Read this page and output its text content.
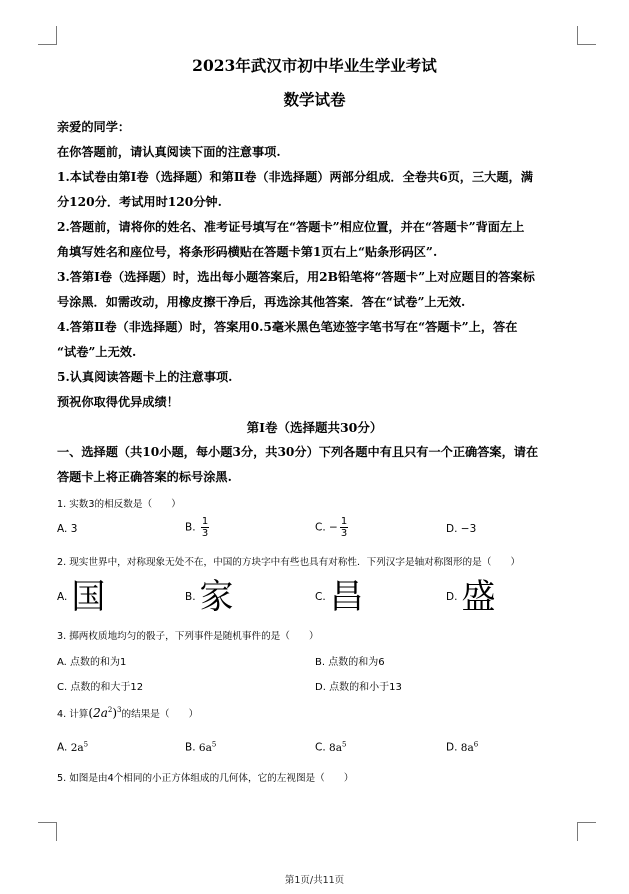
2023年武汉市初中毕业生学业考试
数学试卷
亲爱的同学：
在你答题前，请认真阅读下面的注意事项.
1.本试卷由第Ⅰ卷（选择题）和第Ⅱ卷（非选择题）两部分组成．全卷共6页，三大题，满
分120分．考试用时120分钟.
2.答题前，请将你的姓名、准考证号填写在“答题卡”相应位置，并在“答题卡”背面左上
角填写姓名和座位号，将条形码横贴在答题卡第1页右上“贴条形码区”.
3.答第Ⅰ卷（选择题）时，选出每小题答案后，用2B铅笔将“答题卡”上对应题目的答案标
号涂黑．如需改动，用橡皮擦干净后，再选涂其他答案．答在“试卷”上无效.
4.答第Ⅱ卷（非选择题）时，答案用0.5毫米黑色笔迹签字笔书写在“答题卡”上，答在
“试卷”上无效.
5.认真阅读答题卡上的注意事项.
预祝你取得优异成绩！
第Ⅰ卷（选择题共30分）
一、选择题（共10小题，每小题3分，共30分）下列各题中有且只有一个正确答案，请在
答题卡上将正确答案的标号涂黑.
1. 实数3的相反数是（　　）
A. 3	B. $\frac{1}{3}$	C. − $\frac{1}{3}$	D. −3
2. 现实世界中，对称现象无处不在，中国的方块字中有些也具有对称性．下列汉字是轴对称图形的是（　　）
A. 国	B. 家	C. 昌	D. 盛
3. 掷两枚质地均匀的骰子，下列事件是随机事件的是（　　）
A. 点数的和为1	B. 点数的和为6
C. 点数的和大于12	D. 点数的和小于13
4. 计算$(2a^2)^3$的结果是（　　）
A. $2a^5$	B. $6a^5$	C. $8a^5$	D. $8a^6$
5. 如图是由4个相同的小正方体组成的几何体，它的左视图是（　　）
第1页/共11页
